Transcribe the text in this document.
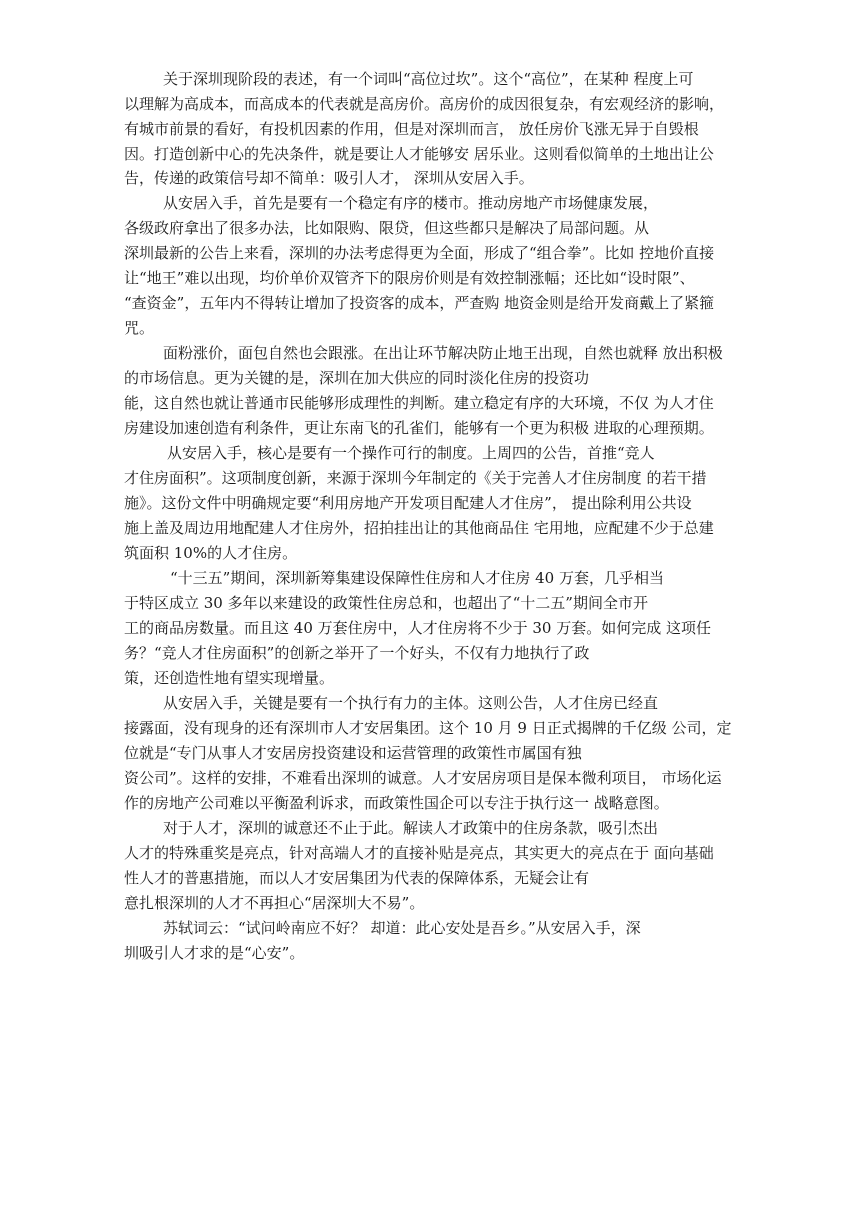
关于深圳现阶段的表述，有一个词叫“高位过坎”。这个“高位”，在某种 程度上可
以理解为高成本，而高成本的代表就是高房价。高房价的成因很复杂，有宏观经济的影响，
有城市前景的看好，有投机因素的作用，但是对深圳而言， 放任房价飞涨无异于自毁根
因。打造创新中心的先决条件，就是要让人才能够安 居乐业。这则看似简单的土地出让公
告，传递的政策信号却不简单：吸引人才， 深圳从安居入手。
从安居入手，首先是要有一个稳定有序的楼市。推动房地产市场健康发展，
各级政府拿出了很多办法，比如限购、限贷，但这些都只是解决了局部问题。从
深圳最新的公告上来看，深圳的办法考虑得更为全面，形成了“组合拳”。比如 控地价直接
让“地王”难以出现，均价单价双管齐下的限房价则是有效控制涨幅；还比如“设时限”、
“查资金”，五年内不得转让增加了投资客的成本，严查购 地资金则是给开发商戴上了紧箍
咒。
面粉涨价，面包自然也会跟涨。在出让环节解决防止地王出现，自然也就释 放出积极
的市场信息。更为关键的是，深圳在加大供应的同时淡化住房的投资功
能，这自然也就让普通市民能够形成理性的判断。建立稳定有序的大环境，不仅 为人才住
房建设加速创造有利条件，更让东南飞的孔雀们，能够有一个更为积极 进取的心理预期。
从安居入手，核心是要有一个操作可行的制度。上周四的公告，首推“竞人
才住房面积”。这项制度创新，来源于深圳今年制定的《关于完善人才住房制度 的若干措
施》。这份文件中明确规定要“利用房地产开发项目配建人才住房”， 提出除利用公共设
施上盖及周边用地配建人才住房外，招拍挂出让的其他商品住 宅用地，应配建不少于总建
筑面积 10%的人才住房。
“十三五”期间，深圳新筹集建设保障性住房和人才住房 40 万套，几乎相当
于特区成立 30 多年以来建设的政策性住房总和，也超出了“十二五”期间全市开
工的商品房数量。而且这 40 万套住房中，人才住房将不少于 30 万套。如何完成 这项任
务？“竞人才住房面积”的创新之举开了一个好头，不仅有力地执行了政
策，还创造性地有望实现增量。
从安居入手，关键是要有一个执行有力的主体。这则公告，人才住房已经直
接露面，没有现身的还有深圳市人才安居集团。这个 10 月 9 日正式揭牌的千亿级 公司，定
位就是“专门从事人才安居房投资建设和运营管理的政策性市属国有独
资公司”。这样的安排，不难看出深圳的诚意。人才安居房项目是保本微利项目， 市场化运
作的房地产公司难以平衡盈利诉求，而政策性国企可以专注于执行这一 战略意图。
对于人才，深圳的诚意还不止于此。解读人才政策中的住房条款，吸引杰出
人才的特殊重奖是亮点，针对高端人才的直接补贴是亮点，其实更大的亮点在于 面向基础
性人才的普惠措施，而以人才安居集团为代表的保障体系，无疑会让有
意扎根深圳的人才不再担心“居深圳大不易”。
苏轼词云：“试问岭南应不好？ 却道：此心安处是吾乡。”从安居入手，深
圳吸引人才求的是“心安”。
